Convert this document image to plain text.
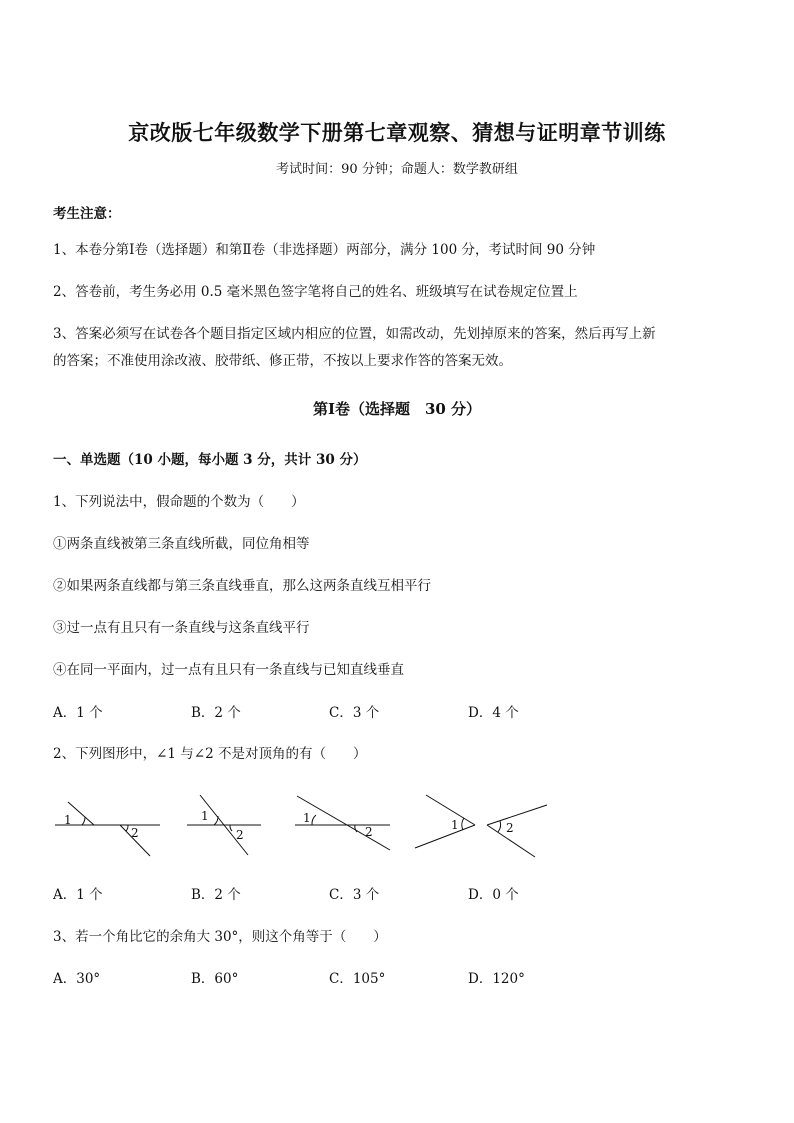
京改版七年级数学下册第七章观察、猜想与证明章节训练
考试时间：90 分钟；命题人：数学教研组
考生注意：
1、本卷分第Ⅰ卷（选择题）和第Ⅱ卷（非选择题）两部分，满分 100 分，考试时间 90 分钟
2、答卷前，考生务必用 0.5 毫米黑色签字笔将自己的姓名、班级填写在试卷规定位置上
3、答案必须写在试卷各个题目指定区域内相应的位置，如需改动，先划掉原来的答案，然后再写上新
的答案；不准使用涂改液、胶带纸、修正带，不按以上要求作答的答案无效。
第Ⅰ卷（选择题　30 分）
一、单选题（10 小题，每小题 3 分，共计 30 分）
1、下列说法中，假命题的个数为（　　）
①两条直线被第三条直线所截，同位角相等
②如果两条直线都与第三条直线垂直，那么这两条直线互相平行
③过一点有且只有一条直线与这条直线平行
④在同一平面内，过一点有且只有一条直线与已知直线垂直
A．1 个	B．2 个	C．3 个	D．4 个
2、下列图形中，∠1 与∠2 不是对顶角的有（　　）
1
2
1
2
1
2	1	2
A．1 个	B．2 个	C．3 个	D．0 个
3、若一个角比它的余角大 30°，则这个角等于（　　）
A．30°	B．60°	C．105°	D．120°
